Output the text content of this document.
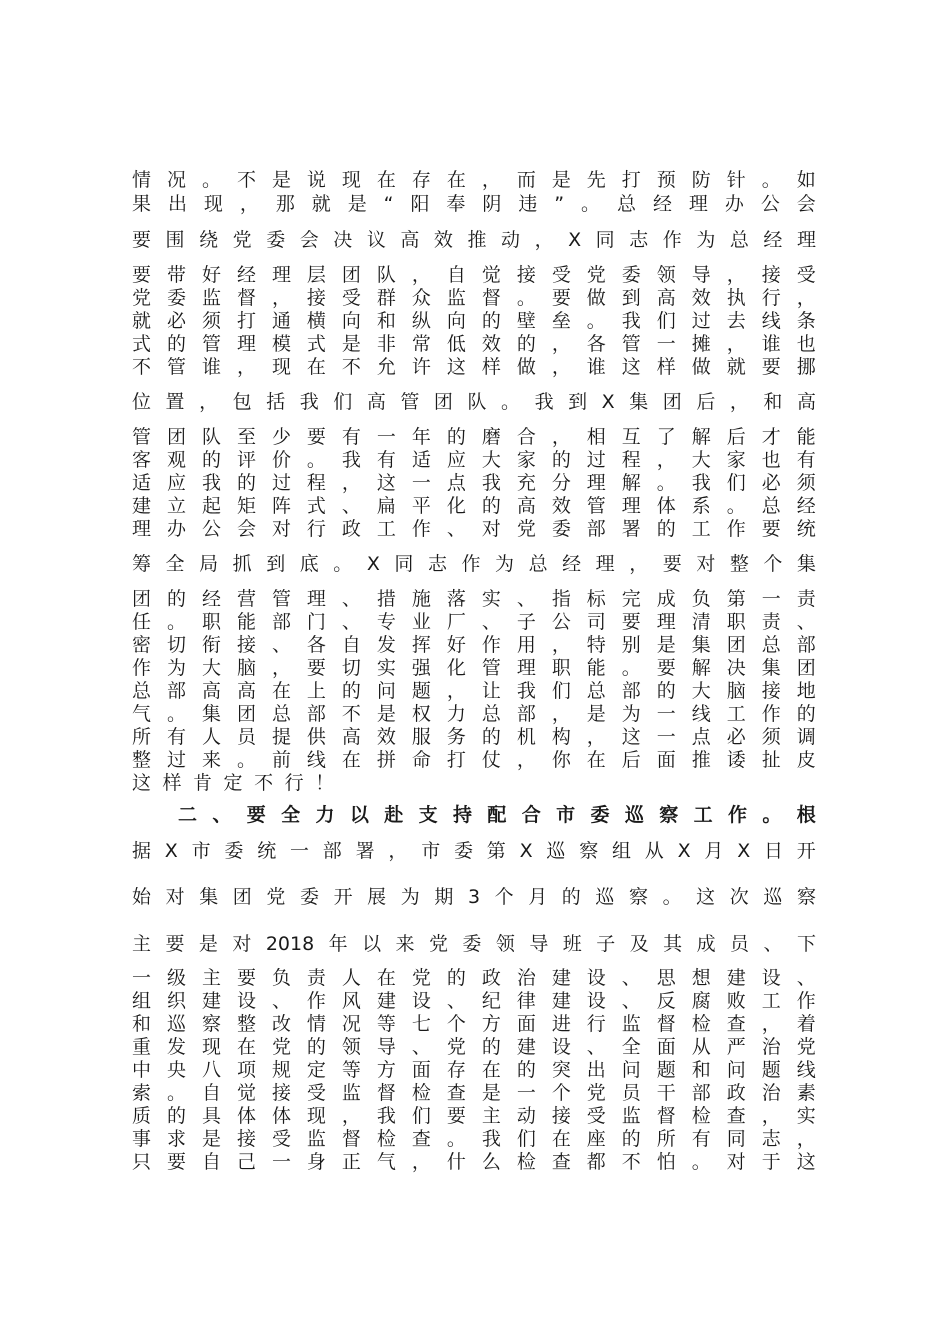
情 况 。 不 是 说 现 在 存 在 ， 而 是 先 打 预 防 针 。 如
果 出 现 ， 那 就 是 “ 阳 奉 阴 违 ” 。 总 经 理 办 公 会
要 围 绕 党 委 会 决 议 高 效 推 动 ， X 同 志 作 为 总 经 理
要 带 好 经 理 层 团 队 ， 自 觉 接 受 党 委 领 导 ， 接 受
党 委 监 督 ， 接 受 群 众 监 督 。 要 做 到 高 效 执 行 ，
就 必 须 打 通 横 向 和 纵 向 的 壁 垒 。 我 们 过 去 线 条
式 的 管 理 模 式 是 非 常 低 效 的 ， 各 管 一 摊 ， 谁 也
不 管 谁 ， 现 在 不 允 许 这 样 做 ， 谁 这 样 做 就 要 挪
位 置 ， 包 括 我 们 高 管 团 队 。 我 到 X 集 团 后 ， 和 高
管 团 队 至 少 要 有 一 年 的 磨 合 ， 相 互 了 解 后 才 能
客 观 的 评 价 。 我 有 适 应 大 家 的 过 程 ， 大 家 也 有
适 应 我 的 过 程 ， 这 一 点 我 充 分 理 解 。 我 们 必 须
建 立 起 矩 阵 式 、 扁 平 化 的 高 效 管 理 体 系 。 总 经
理 办 公 会 对 行 政 工 作 、 对 党 委 部 署 的 工 作 要 统
筹 全 局 抓 到 底 。 X 同 志 作 为 总 经 理 ， 要 对 整 个 集
团 的 经 营 管 理 、 措 施 落 实 、 指 标 完 成 负 第 一 责
任 。 职 能 部 门 、 专 业 厂 、 子 公 司 要 理 清 职 责 、
密 切 衔 接 、 各 自 发 挥 好 作 用 ， 特 别 是 集 团 总 部
作 为 大 脑 ， 要 切 实 强 化 管 理 职 能 。 要 解 决 集 团
总 部 高 高 在 上 的 问 题 ， 让 我 们 总 部 的 大 脑 接 地
气 。 集 团 总 部 不 是 权 力 总 部 ， 是 为 一 线 工 作 的
所 有 人 员 提 供 高 效 服 务 的 机 构 ， 这 一 点 必 须 调
整 过 来 。 前 线 在 拼 命 打 仗 ， 你 在 后 面 推 诿 扯 皮
这 样 肯 定 不 行 ！
二 、 要 全 力 以 赴 支 持 配 合 市 委 巡 察 工 作 。 根
据 X 市 委 统 一 部 署 ， 市 委 第 X 巡 察 组 从 X 月 X 日 开
始 对 集 团 党 委 开 展 为 期 3 个 月 的 巡 察 。 这 次 巡 察
主 要 是 对 2018 年 以 来 党 委 领 导 班 子 及 其 成 员 、 下
一 级 主 要 负 责 人 在 党 的 政 治 建 设 、 思 想 建 设 、
组 织 建 设 、 作 风 建 设 、 纪 律 建 设 、 反 腐 败 工 作
和 巡 察 整 改 情 况 等 七 个 方 面 进 行 监 督 检 查 ， 着
重 发 现 在 党 的 领 导 、 党 的 建 设 、 全 面 从 严 治 党
中 央 八 项 规 定 等 方 面 存 在 的 突 出 问 题 和 问 题 线
索 。 自 觉 接 受 监 督 检 查 是 一 个 党 员 干 部 政 治 素
质 的 具 体 体 现 ， 我 们 要 主 动 接 受 监 督 检 查 ， 实
事 求 是 接 受 监 督 检 查 。 我 们 在 座 的 所 有 同 志 ，
只 要 自 己 一 身 正 气 ， 什 么 检 查 都 不 怕 。 对 于 这
